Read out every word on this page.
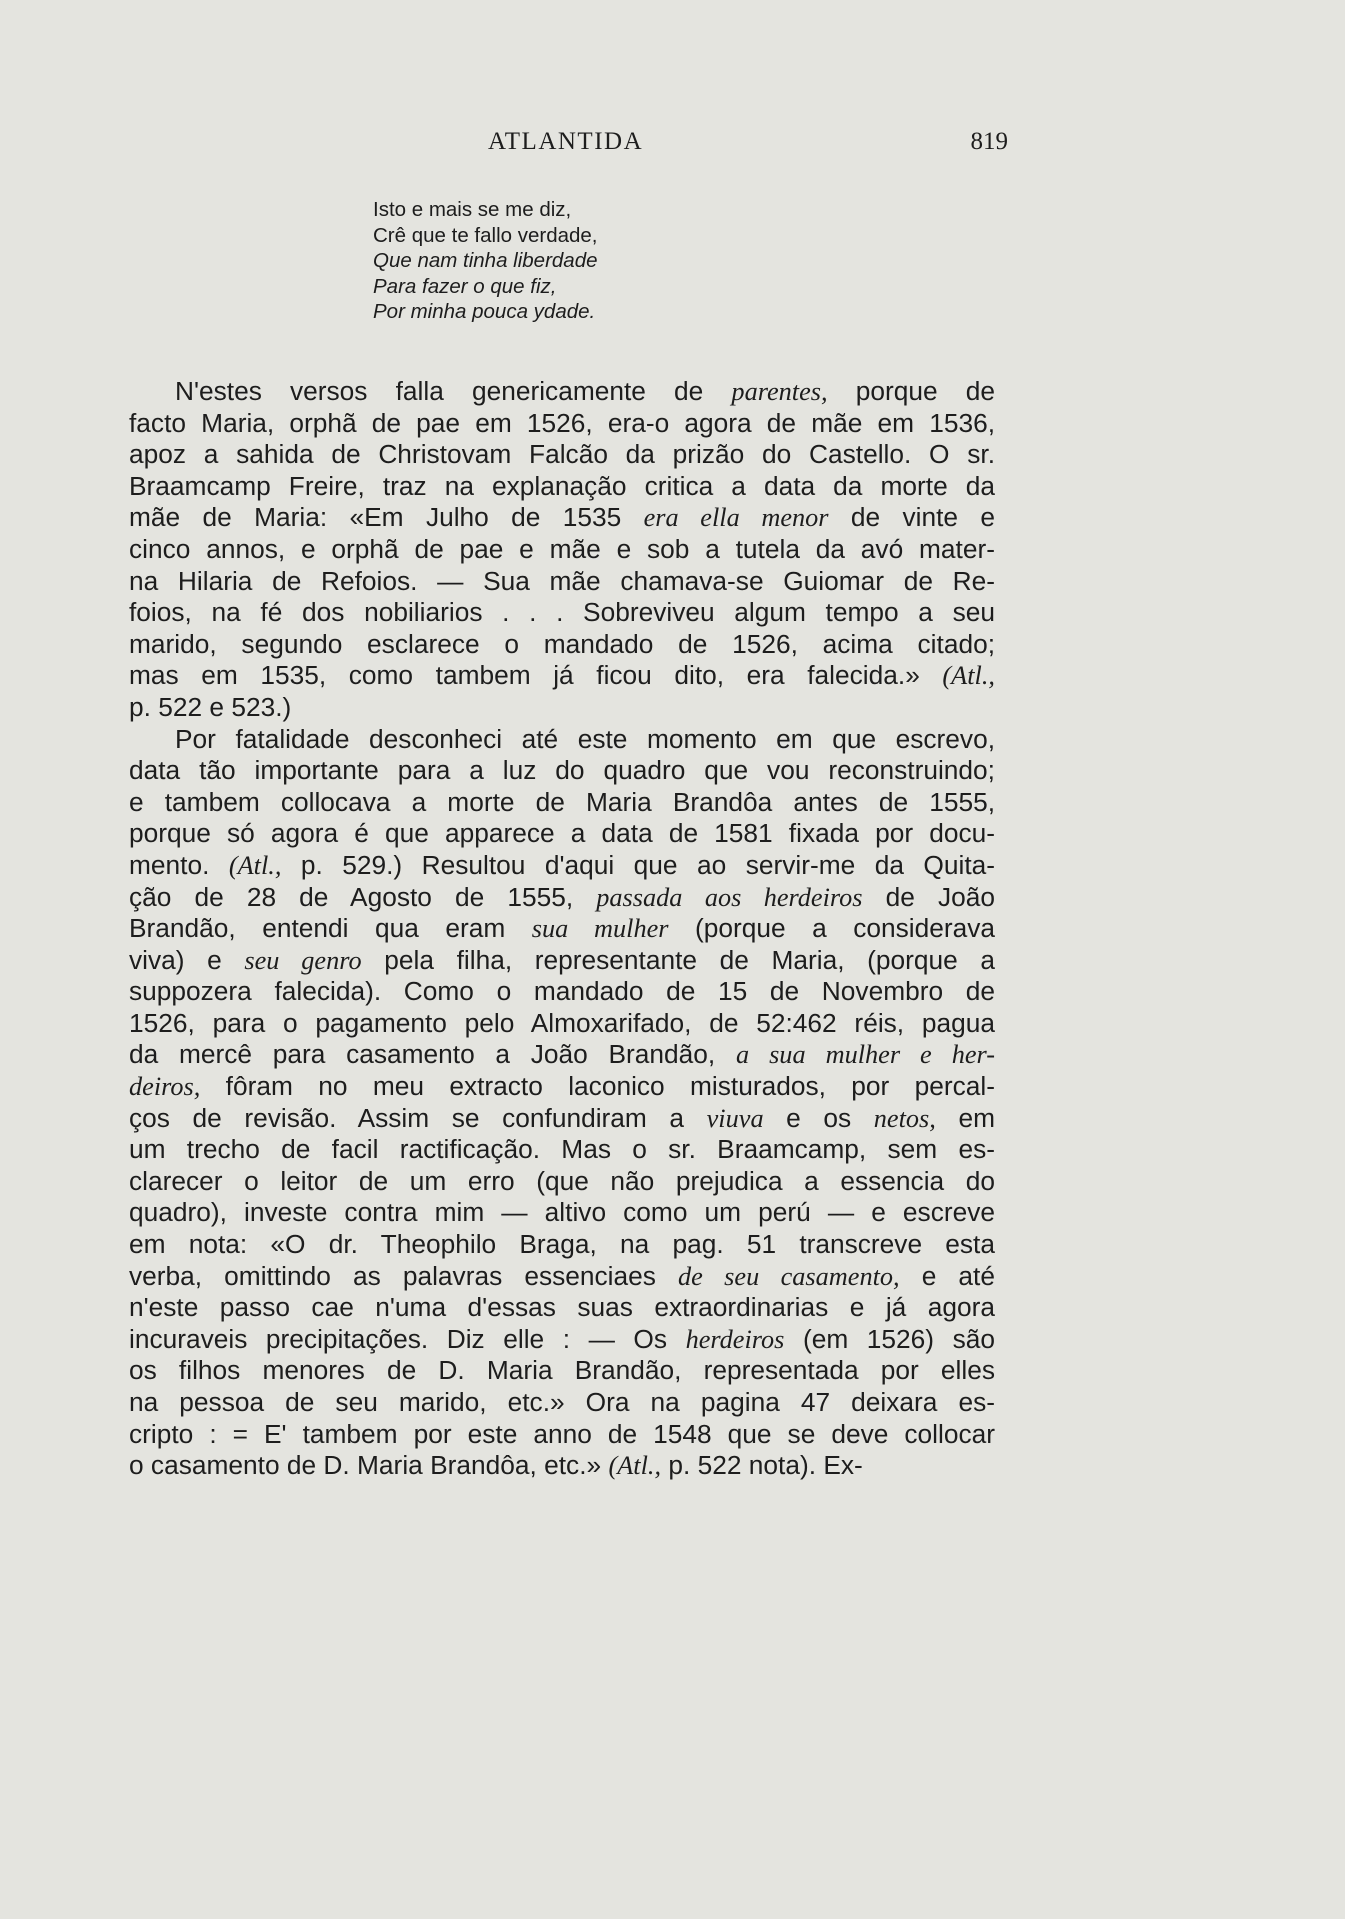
ATLANTIDA	819
Isto e mais se me diz,
Crê que te fallo verdade,
Que nam tinha liberdade
Para fazer o que fiz,
Por minha pouca ydade.
N'estes versos falla genericamente de parentes, porque de
facto Maria, orphã de pae em 1526, era-o agora de mãe em 1536,
apoz a sahida de Christovam Falcão da prizão do Castello. O sr.
Braamcamp Freire, traz na explanação critica a data da morte da
mãe de Maria: «Em Julho de 1535 era ella menor de vinte e
cinco annos, e orphã de pae e mãe e sob a tutela da avó mater-
na Hilaria de Refoios. — Sua mãe chamava-se Guiomar de Re-
foios, na fé dos nobiliarios . . . Sobreviveu algum tempo a seu
marido, segundo esclarece o mandado de 1526, acima citado;
mas em 1535, como tambem já ficou dito, era falecida.» (Atl.,
p. 522 e 523.)
Por fatalidade desconheci até este momento em que escrevo,
data tão importante para a luz do quadro que vou reconstruindo;
e tambem collocava a morte de Maria Brandôa antes de 1555,
porque só agora é que apparece a data de 1581 fixada por docu-
mento. (Atl., p. 529.) Resultou d'aqui que ao servir-me da Quita-
ção de 28 de Agosto de 1555, passada aos herdeiros de João
Brandão, entendi qua eram sua mulher (porque a considerava
viva) e seu genro pela filha, representante de Maria, (porque a
suppozera falecida). Como o mandado de 15 de Novembro de
1526, para o pagamento pelo Almoxarifado, de 52:462 réis, pagua
da mercê para casamento a João Brandão, a sua mulher e her-
deiros, fôram no meu extracto laconico misturados, por percal-
ços de revisão. Assim se confundiram a viuva e os netos, em
um trecho de facil ractificação. Mas o sr. Braamcamp, sem es-
clarecer o leitor de um erro (que não prejudica a essencia do
quadro), investe contra mim — altivo como um perú — e escreve
em nota: «O dr. Theophilo Braga, na pag. 51 transcreve esta
verba, omittindo as palavras essenciaes de seu casamento, e até
n'este passo cae n'uma d'essas suas extraordinarias e já agora
incuraveis precipitações. Diz elle : — Os herdeiros (em 1526) são
os filhos menores de D. Maria Brandão, representada por elles
na pessoa de seu marido, etc.» Ora na pagina 47 deixara es-
cripto : = E' tambem por este anno de 1548 que se deve collocar
o casamento de D. Maria Brandôa, etc.» (Atl., p. 522 nota). Ex-
